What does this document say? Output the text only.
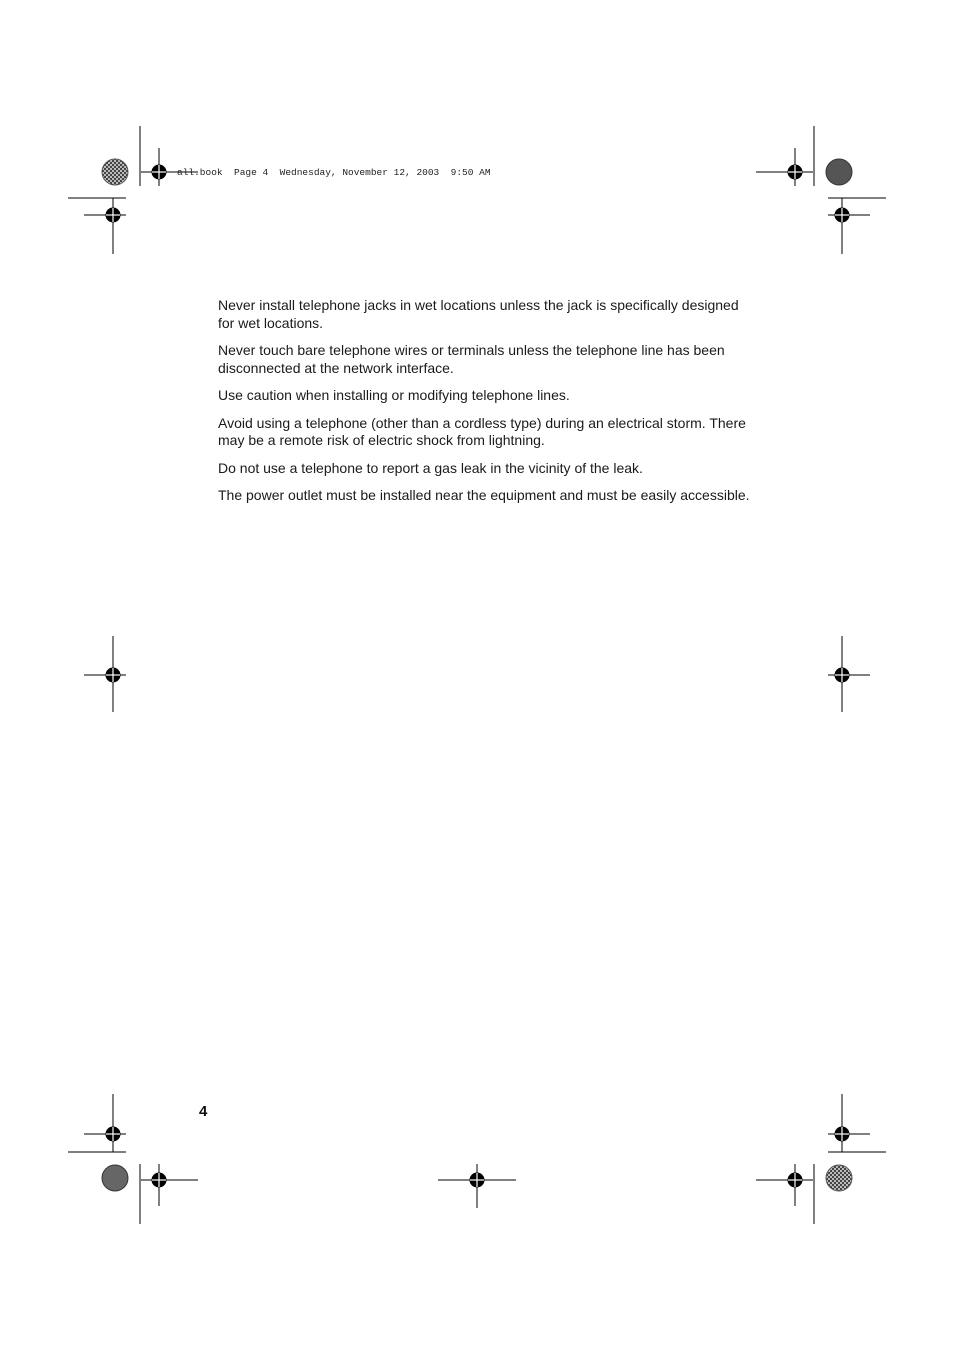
all.book  Page 4  Wednesday, November 12, 2003  9:50 AM

Never install telephone jacks in wet locations unless the jack is specifically designed for wet locations.

Never touch bare telephone wires or terminals unless the telephone line has been disconnected at the network interface.

Use caution when installing or modifying telephone lines.

Avoid using a telephone (other than a cordless type) during an electrical storm. There may be a remote risk of electric shock from lightning.

Do not use a telephone to report a gas leak in the vicinity of the leak.

The power outlet must be installed near the equipment and must be easily accessible.

4
